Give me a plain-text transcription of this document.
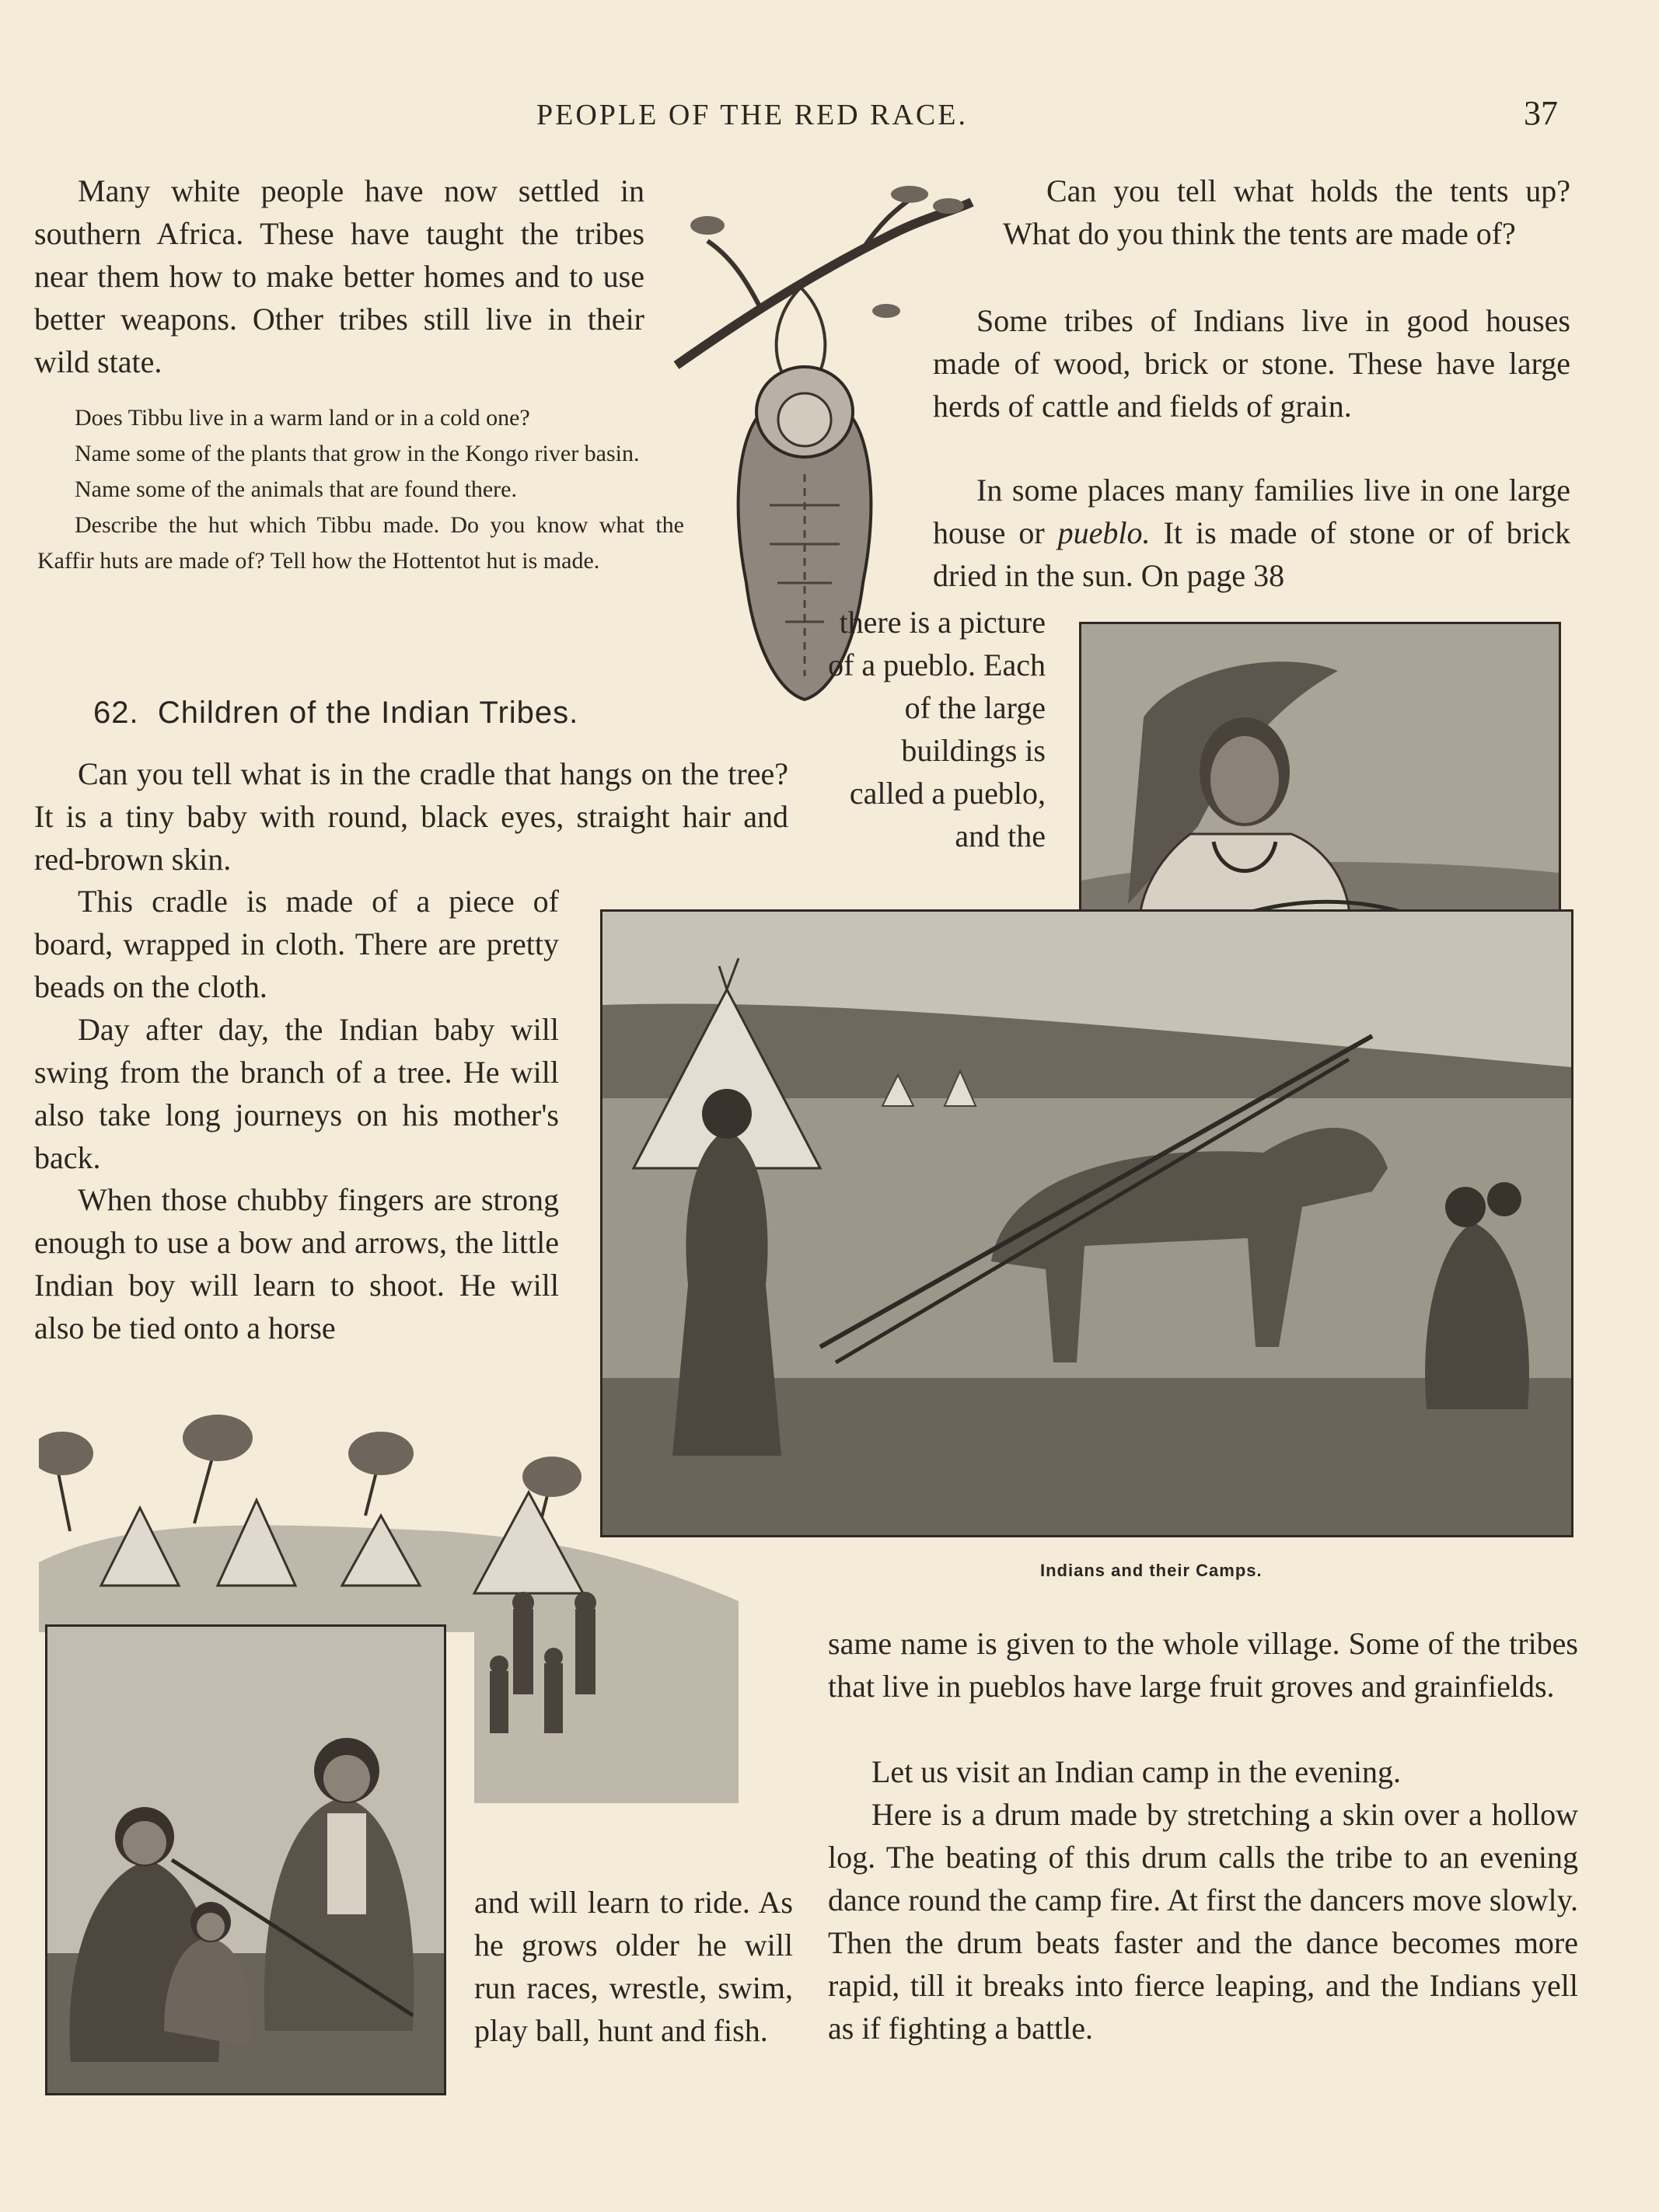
PEOPLE OF THE RED RACE.	37

Many white people have now settled in southern Africa. These have taught the tribes near them how to make better homes and to use better weapons. Other tribes still live in their wild state.

Does Tibbu live in a warm land or in a cold one?

Name some of the plants that grow in the Kongo river basin.

Name some of the animals that are found there.

Describe the hut which Tibbu made. Do you know what the Kaffir huts are made of? Tell how the Hottentot hut is made.

62. Children of the Indian Tribes.

Can you tell what is in the cradle that hangs on the tree? It is a tiny baby with round, black eyes, straight hair and red-brown skin.

This cradle is made of a piece of board, wrapped in cloth. There are pretty beads on the cloth.

Day after day, the Indian baby will swing from the branch of a tree. He will also take long journeys on his mother's back.

When those chubby fingers are strong enough to use a bow and arrows, the little Indian boy will learn to shoot. He will also be tied onto a horse

Can you tell what holds the tents up? What do you think the tents are made of?

Some tribes of Indians live in good houses made of wood, brick or stone. These have large herds of cattle and fields of grain.

In some places many families live in one large house or pueblo. It is made of stone or of brick dried in the sun. On page 38

there is a picture of a pueblo. Each of the large buildings is called a pueblo, and the

Indians and their Camps.

and will learn to ride. As he grows older he will run races, wrestle, swim, play ball, hunt and fish.

same name is given to the whole village. Some of the tribes that live in pueblos have large fruit groves and grainfields.

Let us visit an Indian camp in the evening.

Here is a drum made by stretching a skin over a hollow log. The beating of this drum calls the tribe to an evening dance round the camp fire. At first the dancers move slowly. Then the drum beats faster and the dance becomes more rapid, till it breaks into fierce leaping, and the Indians yell as if fighting a battle.
